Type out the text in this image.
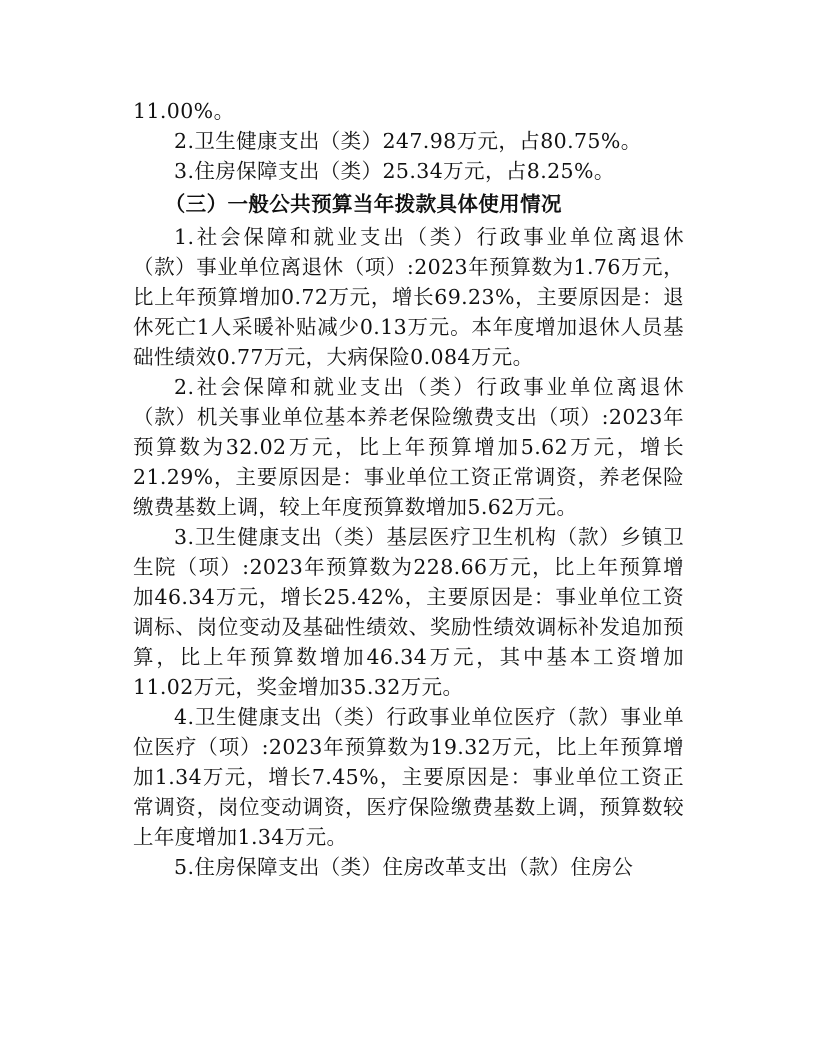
11.00%。

2.卫生健康支出（类）247.98万元，占80.75%。

3.住房保障支出（类）25.34万元，占8.25%。

（三）一般公共预算当年拨款具体使用情况

1.社会保障和就业支出（类）行政事业单位离退休（款）事业单位离退休（项）:2023年预算数为1.76万元，比上年预算增加0.72万元，增长69.23%，主要原因是：退休死亡1人采暖补贴减少0.13万元。本年度增加退休人员基础性绩效0.77万元，大病保险0.084万元。

2.社会保障和就业支出（类）行政事业单位离退休（款）机关事业单位基本养老保险缴费支出（项）:2023年预算数为32.02万元，比上年预算增加5.62万元，增长21.29%，主要原因是：事业单位工资正常调资，养老保险缴费基数上调，较上年度预算数增加5.62万元。

3.卫生健康支出（类）基层医疗卫生机构（款）乡镇卫生院（项）:2023年预算数为228.66万元，比上年预算增加46.34万元，增长25.42%，主要原因是：事业单位工资调标、岗位变动及基础性绩效、奖励性绩效调标补发追加预算，比上年预算数增加46.34万元，其中基本工资增加11.02万元，奖金增加35.32万元。

4.卫生健康支出（类）行政事业单位医疗（款）事业单位医疗（项）:2023年预算数为19.32万元，比上年预算增加1.34万元，增长7.45%，主要原因是：事业单位工资正常调资，岗位变动调资，医疗保险缴费基数上调，预算数较上年度增加1.34万元。

5.住房保障支出（类）住房改革支出（款）住房公
